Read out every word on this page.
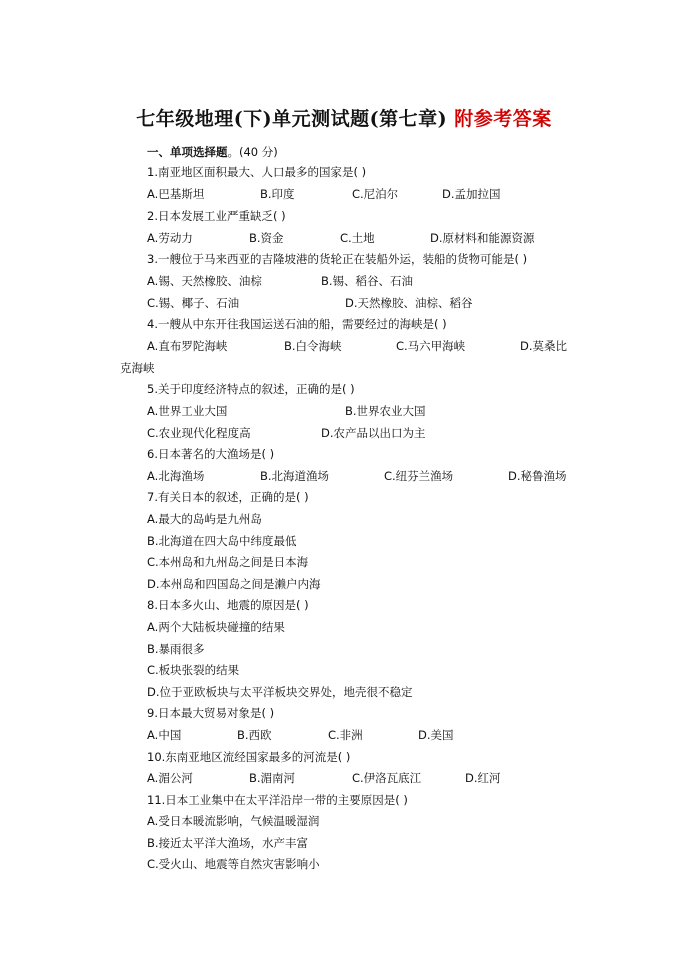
七年级地理(下)单元测试题(第七章) 附参考答案
一、单项选择题。(40 分)
1.南亚地区面积最大、人口最多的国家是( )
A.巴基斯坦	B.印度	C.尼泊尔	D.孟加拉国
2.日本发展工业严重缺乏( )
A.劳动力	B.资金	C.土地	D.原材料和能源资源
3.一艘位于马来西亚的吉隆坡港的货轮正在装船外运，装船的货物可能是( )
A.锡、天然橡胶、油棕	B.锡、稻谷、石油
C.锡、椰子、石油	D.天然橡胶、油棕、稻谷
4.一艘从中东开往我国运送石油的船，需要经过的海峡是( )
A.直布罗陀海峡	B.白令海峡	C.马六甲海峡	D.莫桑比
克海峡
5.关于印度经济特点的叙述，正确的是( )
A.世界工业大国	B.世界农业大国
C.农业现代化程度高	D.农产品以出口为主
6.日本著名的大渔场是( )
A.北海渔场	B.北海道渔场	C.纽芬兰渔场	D.秘鲁渔场
7.有关日本的叙述，正确的是( )
A.最大的岛屿是九州岛
B.北海道在四大岛中纬度最低
C.本州岛和九州岛之间是日本海
D.本州岛和四国岛之间是濑户内海
8.日本多火山、地震的原因是( )
A.两个大陆板块碰撞的结果
B.暴雨很多
C.板块张裂的结果
D.位于亚欧板块与太平洋板块交界处，地壳很不稳定
9.日本最大贸易对象是( )
A.中国	B.西欧	C.非洲	D.美国
10.东南亚地区流经国家最多的河流是( )
A.湄公河	B.湄南河	C.伊洛瓦底江	D.红河
11.日本工业集中在太平洋沿岸一带的主要原因是( )
A.受日本暖流影响，气候温暖湿润
B.接近太平洋大渔场，水产丰富
C.受火山、地震等自然灾害影响小
